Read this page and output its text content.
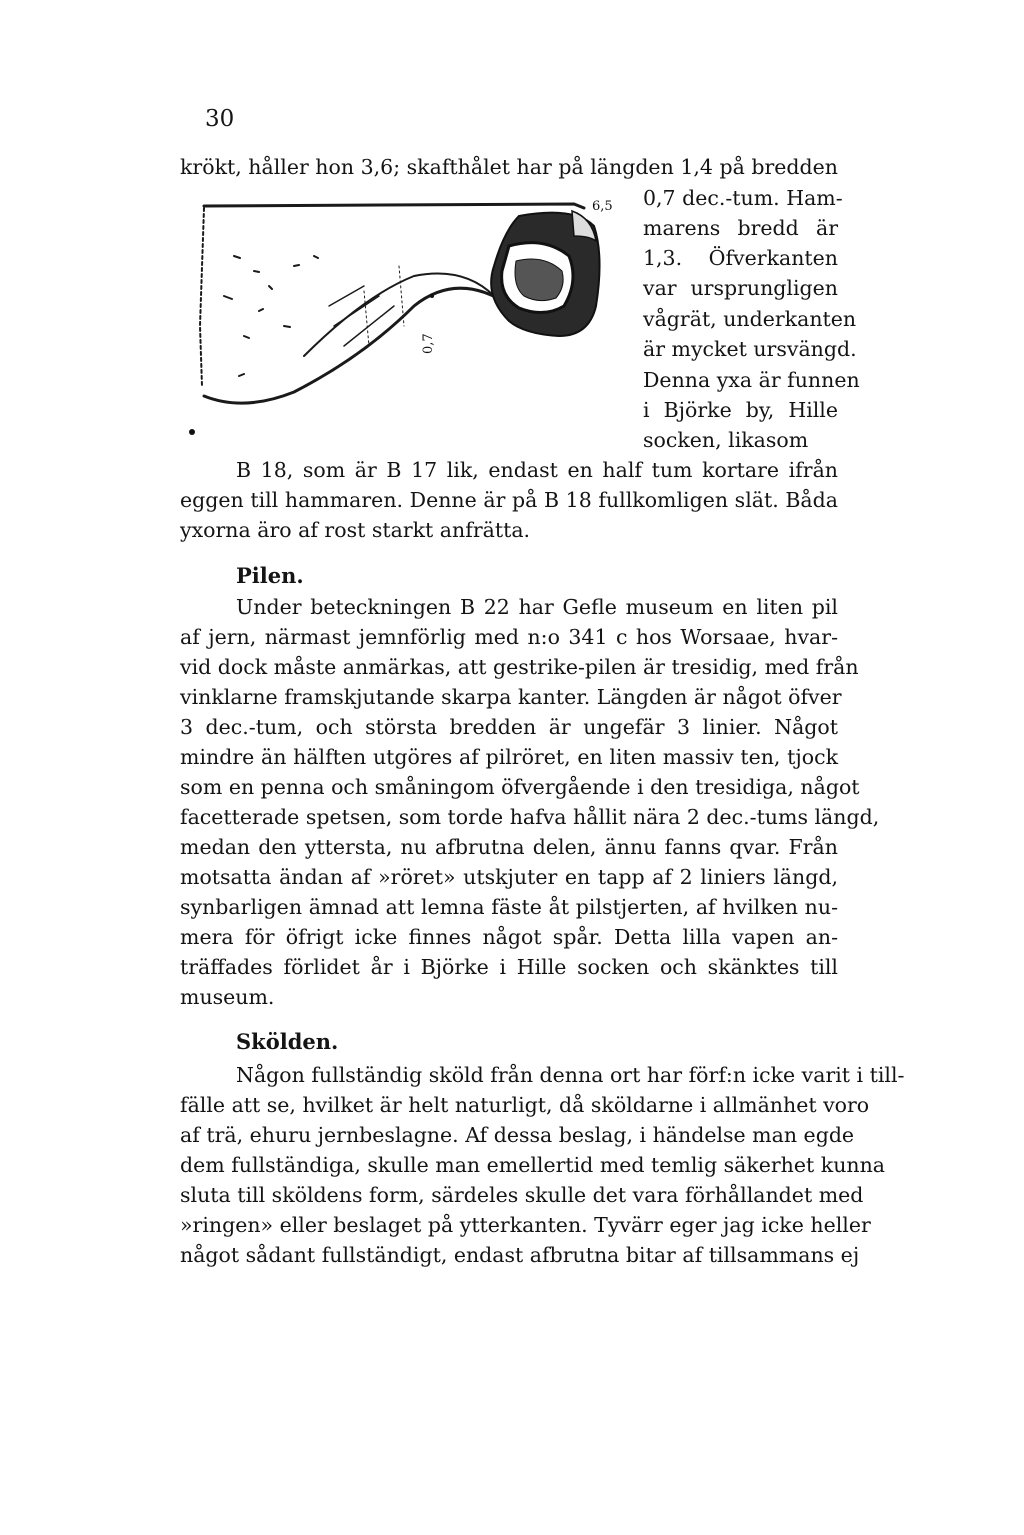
30
krökt, håller hon 3,6; skafthålet har på längden 1,4 på bredden
6,5
0,7
0,7 dec.-tum. Ham-
marens bredd är
1,3. Öfverkanten
var ursprungligen
vågrät, underkanten
är mycket ursvängd.
Denna yxa är funnen
i Björke by, Hille
socken, likasom
B 18, som är B 17 lik, endast en half tum kortare ifrån
eggen till hammaren. Denne är på B 18 fullkomligen slät. Båda
yxorna äro af rost starkt anfrätta.
Pilen.
Under beteckningen B 22 har Gefle museum en liten pil
af jern, närmast jemnförlig med n:o 341 c hos Worsaae, hvar-
vid dock måste anmärkas, att gestrike-pilen är tresidig, med från
vinklarne framskjutande skarpa kanter. Längden är något öfver
3 dec.-tum, och största bredden är ungefär 3 linier. Något
mindre än hälften utgöres af pilröret, en liten massiv ten, tjock
som en penna och småningom öfvergående i den tresidiga, något
facetterade spetsen, som torde hafva hållit nära 2 dec.-tums längd,
medan den yttersta, nu afbrutna delen, ännu fanns qvar. Från
motsatta ändan af »röret» utskjuter en tapp af 2 liniers längd,
synbarligen ämnad att lemna fäste åt pilstjerten, af hvilken nu-
mera för öfrigt icke finnes något spår. Detta lilla vapen an-
träffades förlidet år i Björke i Hille socken och skänktes till
museum.
Skölden.
Någon fullständig sköld från denna ort har förf:n icke varit i till-
fälle att se, hvilket är helt naturligt, då sköldarne i allmänhet voro
af trä, ehuru jernbeslagne. Af dessa beslag, i händelse man egde
dem fullständiga, skulle man emellertid med temlig säkerhet kunna
sluta till sköldens form, särdeles skulle det vara förhållandet med
»ringen» eller beslaget på ytterkanten. Tyvärr eger jag icke heller
något sådant fullständigt, endast afbrutna bitar af tillsammans ej
